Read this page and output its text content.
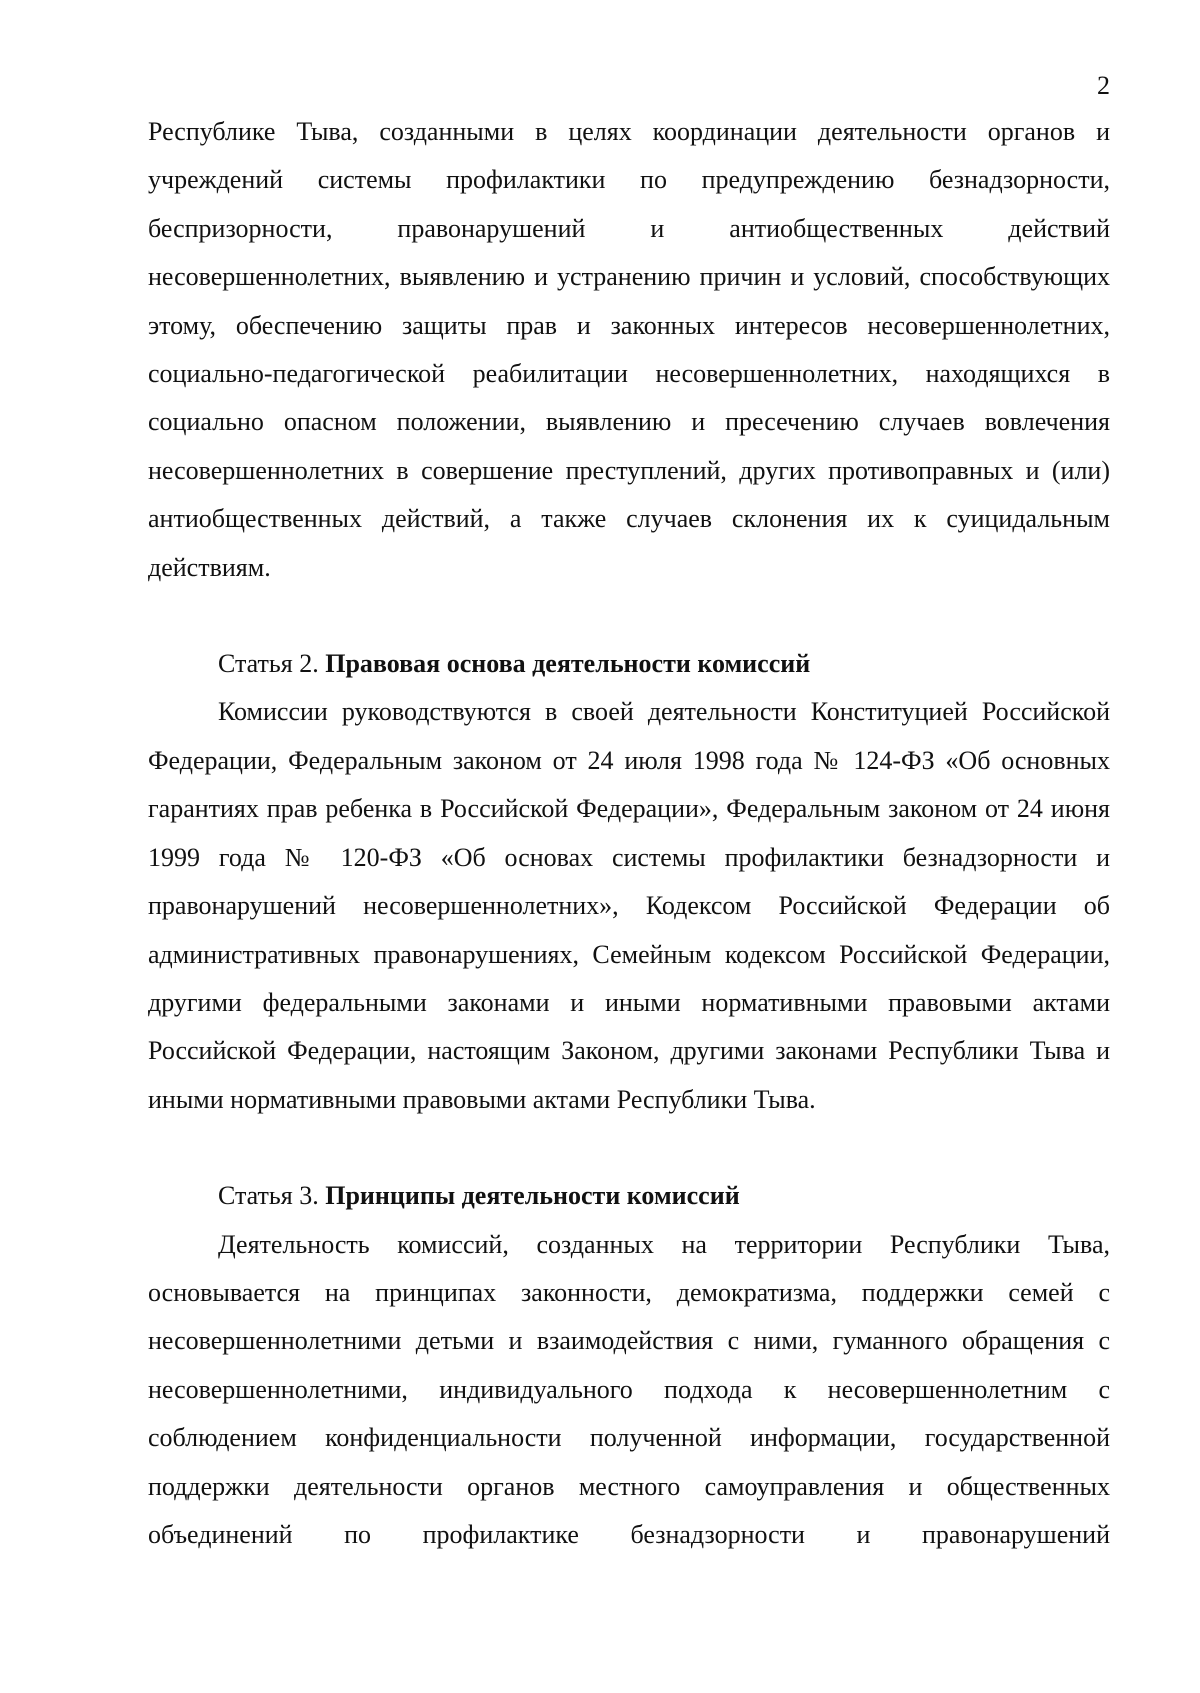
2

Республике Тыва, созданными в целях координации деятельности органов и учреждений системы профилактики по предупреждению безнадзорности, беспризорности, правонарушений и антиобщественных действий несовершеннолетних, выявлению и устранению причин и условий, способствующих этому, обеспечению защиты прав и законных интересов несовершеннолетних, социально-педагогической реабилитации несовершеннолетних, находящихся в социально опасном положении, выявлению и пресечению случаев вовлечения несовершеннолетних в совершение преступлений, других противоправных и (или) антиобщественных действий, а также случаев склонения их к суицидальным действиям.

Статья 2. Правовая основа деятельности комиссий

Комиссии руководствуются в своей деятельности Конституцией Российской Федерации, Федеральным законом от 24 июля 1998 года № 124-ФЗ «Об основных гарантиях прав ребенка в Российской Федерации», Федеральным законом от 24 июня 1999 года № 120-ФЗ «Об основах системы профилактики безнадзорности и правонарушений несовершеннолетних», Кодексом Российской Федерации об административных правонарушениях, Семейным кодексом Российской Федерации, другими федеральными законами и иными нормативными правовыми актами Российской Федерации, настоящим Законом, другими законами Республики Тыва и иными нормативными правовыми актами Республики Тыва.

Статья 3. Принципы деятельности комиссий

Деятельность комиссий, созданных на территории Республики Тыва, основывается на принципах законности, демократизма, поддержки семей с несовершеннолетними детьми и взаимодействия с ними, гуманного обращения с несовершеннолетними, индивидуального подхода к несовершеннолетним с соблюдением конфиденциальности полученной информации, государственной поддержки деятельности органов местного самоуправления и общественных объединений по профилактике безнадзорности и правонарушений
